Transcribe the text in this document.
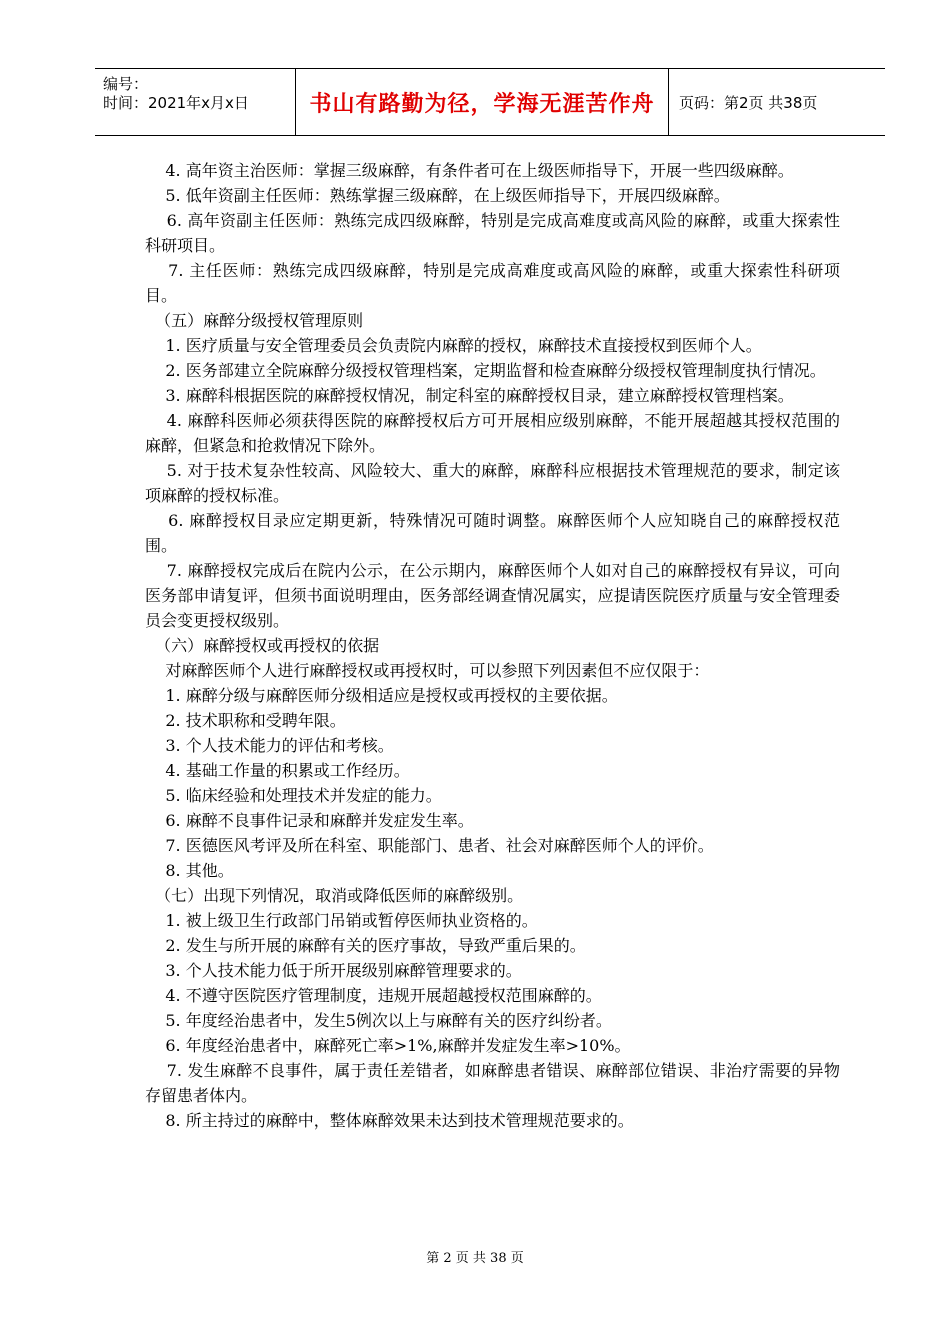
编号：
时间：2021年x月x日	书山有路勤为径，学海无涯苦作舟	页码：第2页 共38页

4. 高年资主治医师：掌握三级麻醉，有条件者可在上级医师指导下，开展一些四级麻醉。

5. 低年资副主任医师：熟练掌握三级麻醉，在上级医师指导下，开展四级麻醉。

6. 高年资副主任医师：熟练完成四级麻醉，特别是完成高难度或高风险的麻醉，或重大探索性科研项目。

7. 主任医师：熟练完成四级麻醉，特别是完成高难度或高风险的麻醉，或重大探索性科研项目。

（五）麻醉分级授权管理原则

1. 医疗质量与安全管理委员会负责院内麻醉的授权，麻醉技术直接授权到医师个人。

2. 医务部建立全院麻醉分级授权管理档案，定期监督和检查麻醉分级授权管理制度执行情况。

3. 麻醉科根据医院的麻醉授权情况，制定科室的麻醉授权目录，建立麻醉授权管理档案。

4. 麻醉科医师必须获得医院的麻醉授权后方可开展相应级别麻醉，不能开展超越其授权范围的麻醉，但紧急和抢救情况下除外。

5. 对于技术复杂性较高、风险较大、重大的麻醉，麻醉科应根据技术管理规范的要求，制定该项麻醉的授权标准。

6. 麻醉授权目录应定期更新，特殊情况可随时调整。麻醉医师个人应知晓自己的麻醉授权范围。

7. 麻醉授权完成后在院内公示，在公示期内，麻醉医师个人如对自己的麻醉授权有异议，可向医务部申请复评，但须书面说明理由，医务部经调查情况属实，应提请医院医疗质量与安全管理委员会变更授权级别。

（六）麻醉授权或再授权的依据

对麻醉医师个人进行麻醉授权或再授权时，可以参照下列因素但不应仅限于：

1. 麻醉分级与麻醉医师分级相适应是授权或再授权的主要依据。

2. 技术职称和受聘年限。

3. 个人技术能力的评估和考核。

4. 基础工作量的积累或工作经历。

5. 临床经验和处理技术并发症的能力。

6. 麻醉不良事件记录和麻醉并发症发生率。

7. 医德医风考评及所在科室、职能部门、患者、社会对麻醉医师个人的评价。

8. 其他。

（七）出现下列情况，取消或降低医师的麻醉级别。

1. 被上级卫生行政部门吊销或暂停医师执业资格的。

2. 发生与所开展的麻醉有关的医疗事故，导致严重后果的。

3. 个人技术能力低于所开展级别麻醉管理要求的。

4. 不遵守医院医疗管理制度，违规开展超越授权范围麻醉的。

5. 年度经治患者中，发生5例次以上与麻醉有关的医疗纠纷者。

6. 年度经治患者中，麻醉死亡率>1%,麻醉并发症发生率>10%。

7. 发生麻醉不良事件，属于责任差错者，如麻醉患者错误、麻醉部位错误、非治疗需要的异物存留患者体内。

8. 所主持过的麻醉中，整体麻醉效果未达到技术管理规范要求的。

第 2 页 共 38 页
